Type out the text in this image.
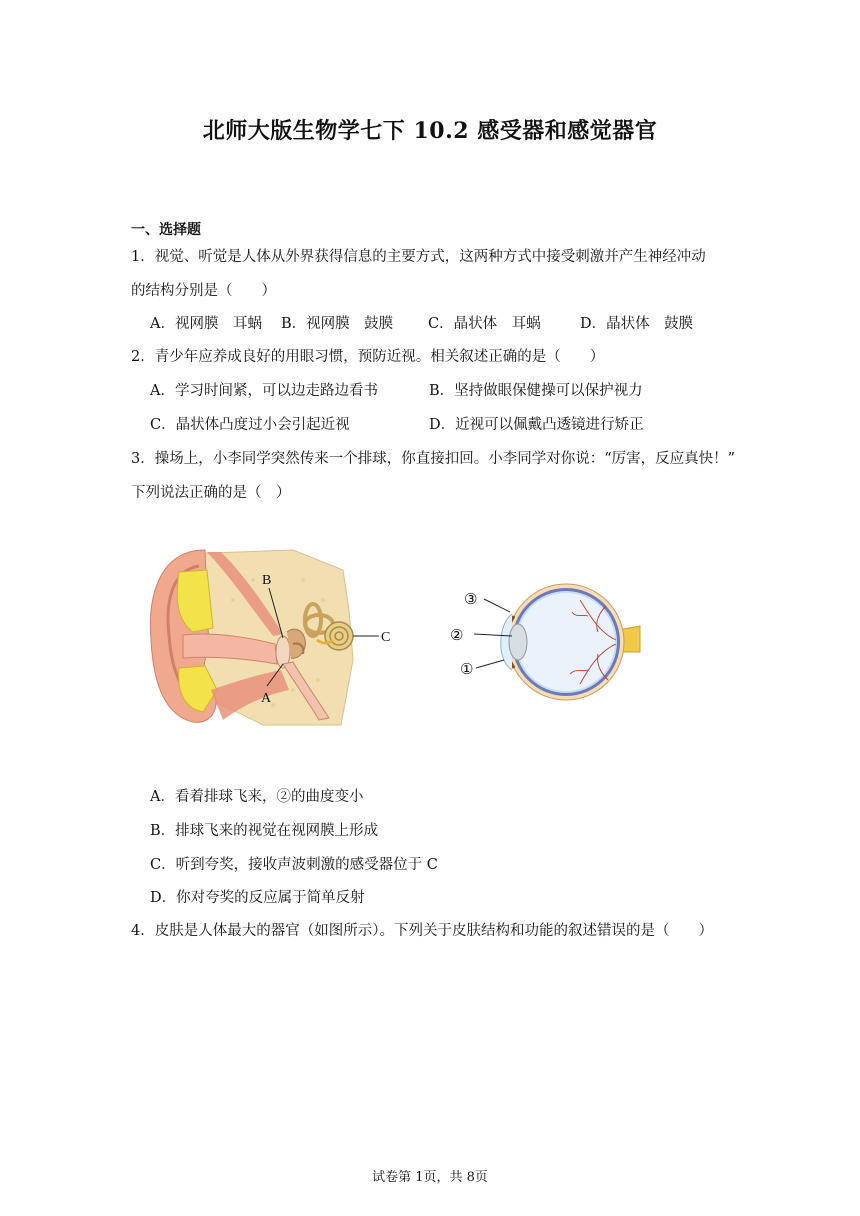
北师大版生物学七下 10.2 感受器和感觉器官
一、选择题
1．视觉、听觉是人体从外界获得信息的主要方式，这两种方式中接受刺激并产生神经冲动
的结构分别是（　　）
A．视网膜　耳蜗 B．视网膜　鼓膜 C．晶状体　耳蜗	D．晶状体　鼓膜
2．青少年应养成良好的用眼习惯，预防近视。相关叙述正确的是（　　）
A．学习时间紧，可以边走路边看书	B．坚持做眼保健操可以保护视力
C．晶状体凸度过小会引起近视	D．近视可以佩戴凸透镜进行矫正
3．操场上，小李同学突然传来一个排球，你直接扣回。小李同学对你说：“厉害，反应真快！”
下列说法正确的是（　）
B
C
A
③
②
①
A．看着排球飞来，②的曲度变小
B．排球飞来的视觉在视网膜上形成
C．听到夸奖，接收声波刺激的感受器位于 C
D．你对夸奖的反应属于简单反射
4．皮肤是人体最大的器官（如图所示）。下列关于皮肤结构和功能的叙述错误的是（　　）
试卷第 1页，共 8页
